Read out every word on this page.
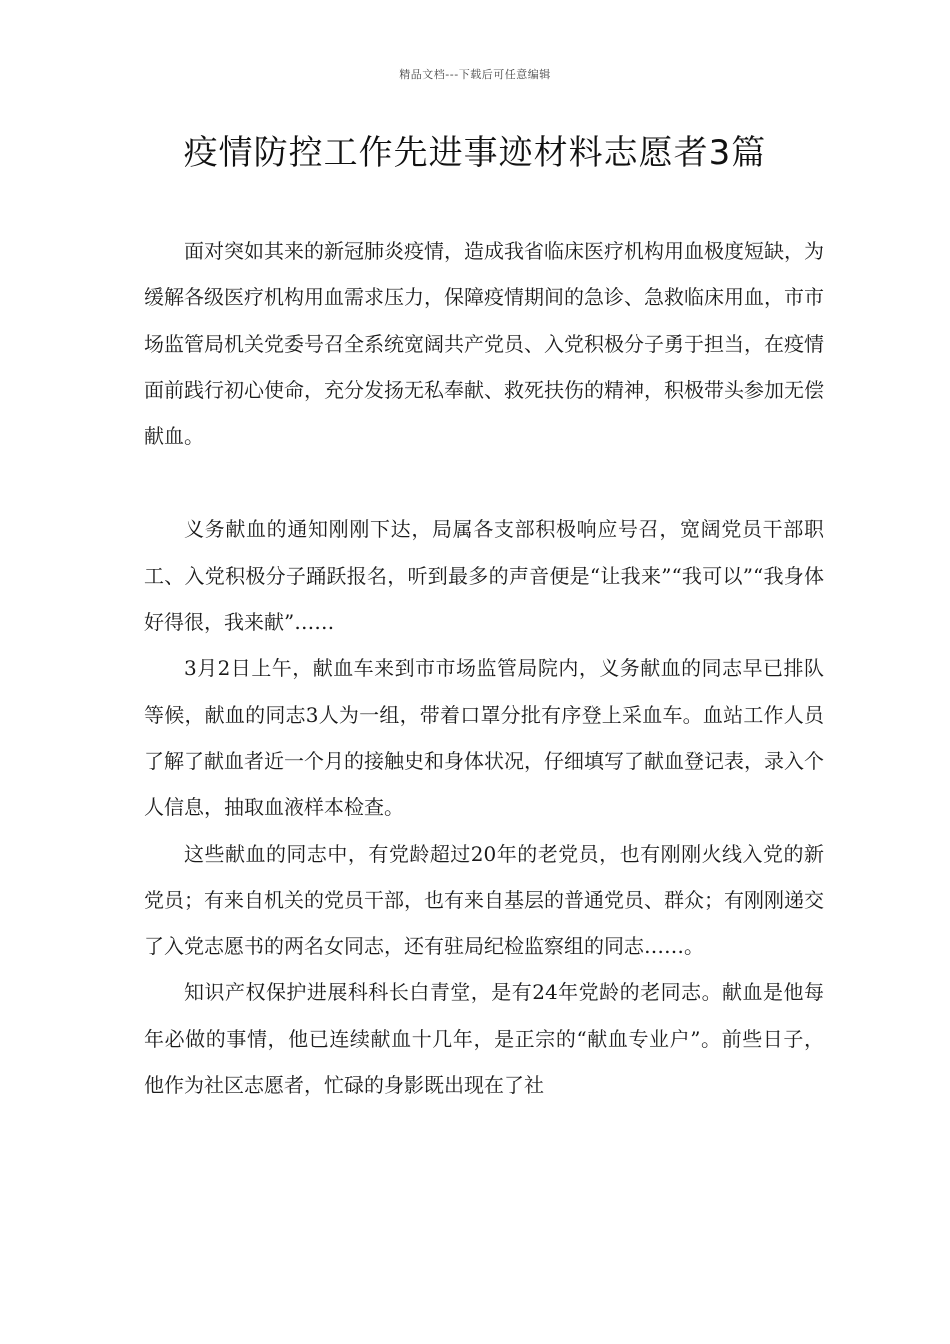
精品文档---下载后可任意编辑
疫情防控工作先进事迹材料志愿者3篇

面对突如其来的新冠肺炎疫情，造成我省临床医疗机构用血极度短缺，为缓解各级医疗机构用血需求压力，保障疫情期间的急诊、急救临床用血，市市场监管局机关党委号召全系统宽阔共产党员、入党积极分子勇于担当，在疫情面前践行初心使命，充分发扬无私奉献、救死扶伤的精神，积极带头参加无偿献血。

义务献血的通知刚刚下达，局属各支部积极响应号召，宽阔党员干部职工、入党积极分子踊跃报名，听到最多的声音便是“让我来”“我可以”“我身体好得很，我来献”……

3月2日上午，献血车来到市市场监管局院内，义务献血的同志早已排队等候，献血的同志3人为一组，带着口罩分批有序登上采血车。血站工作人员了解了献血者近一个月的接触史和身体状况，仔细填写了献血登记表，录入个人信息，抽取血液样本检查。

这些献血的同志中，有党龄超过20年的老党员，也有刚刚火线入党的新党员；有来自机关的党员干部，也有来自基层的普通党员、群众；有刚刚递交了入党志愿书的两名女同志，还有驻局纪检监察组的同志……。

知识产权保护进展科科长白青堂，是有24年党龄的老同志。献血是他每年必做的事情，他已连续献血十几年，是正宗的“献血专业户”。前些日子，他作为社区志愿者，忙碌的身影既出现在了社
